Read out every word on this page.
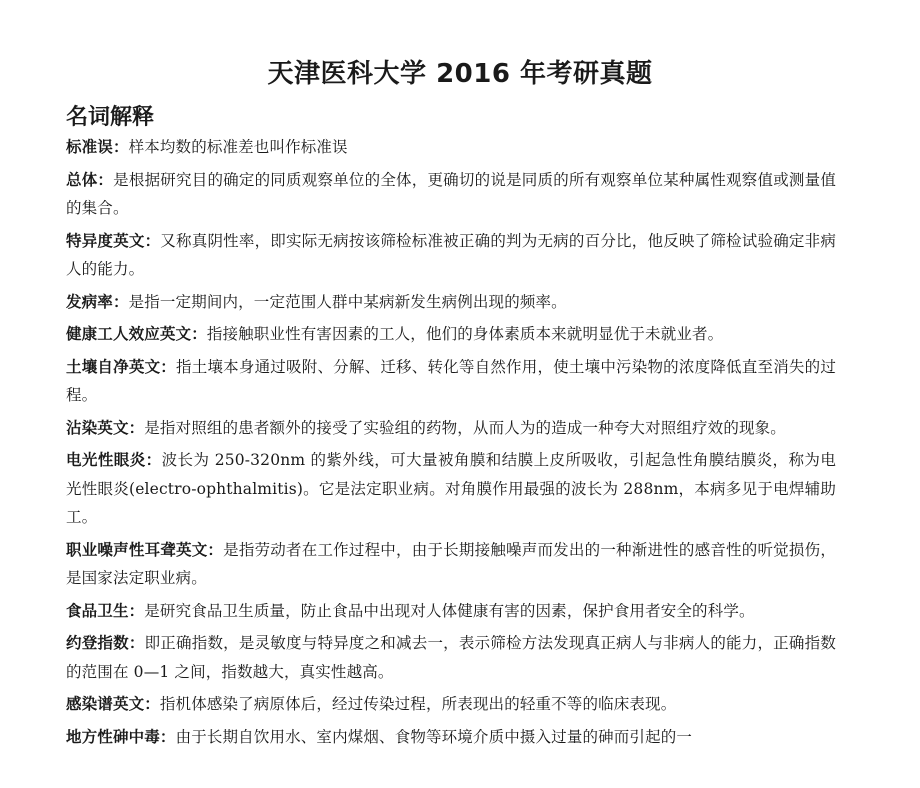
天津医科大学 2016 年考研真题
名词解释
标准误：样本均数的标准差也叫作标准误
总体：是根据研究目的确定的同质观察单位的全体，更确切的说是同质的所有观察单位某种属性观察值或测量值的集合。
特异度英文：又称真阴性率，即实际无病按该筛检标准被正确的判为无病的百分比，他反映了筛检试验确定非病人的能力。
发病率：是指一定期间内，一定范围人群中某病新发生病例出现的频率。
健康工人效应英文：指接触职业性有害因素的工人，他们的身体素质本来就明显优于未就业者。
土壤自净英文：指土壤本身通过吸附、分解、迁移、转化等自然作用，使土壤中污染物的浓度降低直至消失的过程。
沾染英文：是指对照组的患者额外的接受了实验组的药物，从而人为的造成一种夸大对照组疗效的现象。
电光性眼炎：波长为 250-320nm 的紫外线，可大量被角膜和结膜上皮所吸收，引起急性角膜结膜炎，称为电光性眼炎(electro-ophthalmitis)。它是法定职业病。对角膜作用最强的波长为 288nm，本病多见于电焊辅助工。
职业噪声性耳聋英文：是指劳动者在工作过程中，由于长期接触噪声而发出的一种渐进性的感音性的听觉损伤，是国家法定职业病。
食品卫生：是研究食品卫生质量，防止食品中出现对人体健康有害的因素，保护食用者安全的科学。
约登指数：即正确指数，是灵敏度与特异度之和减去一，表示筛检方法发现真正病人与非病人的能力，正确指数的范围在 0—1 之间，指数越大，真实性越高。
感染谱英文：指机体感染了病原体后，经过传染过程，所表现出的轻重不等的临床表现。
地方性砷中毒：由于长期自饮用水、室内煤烟、食物等环境介质中摄入过量的砷而引起的一
